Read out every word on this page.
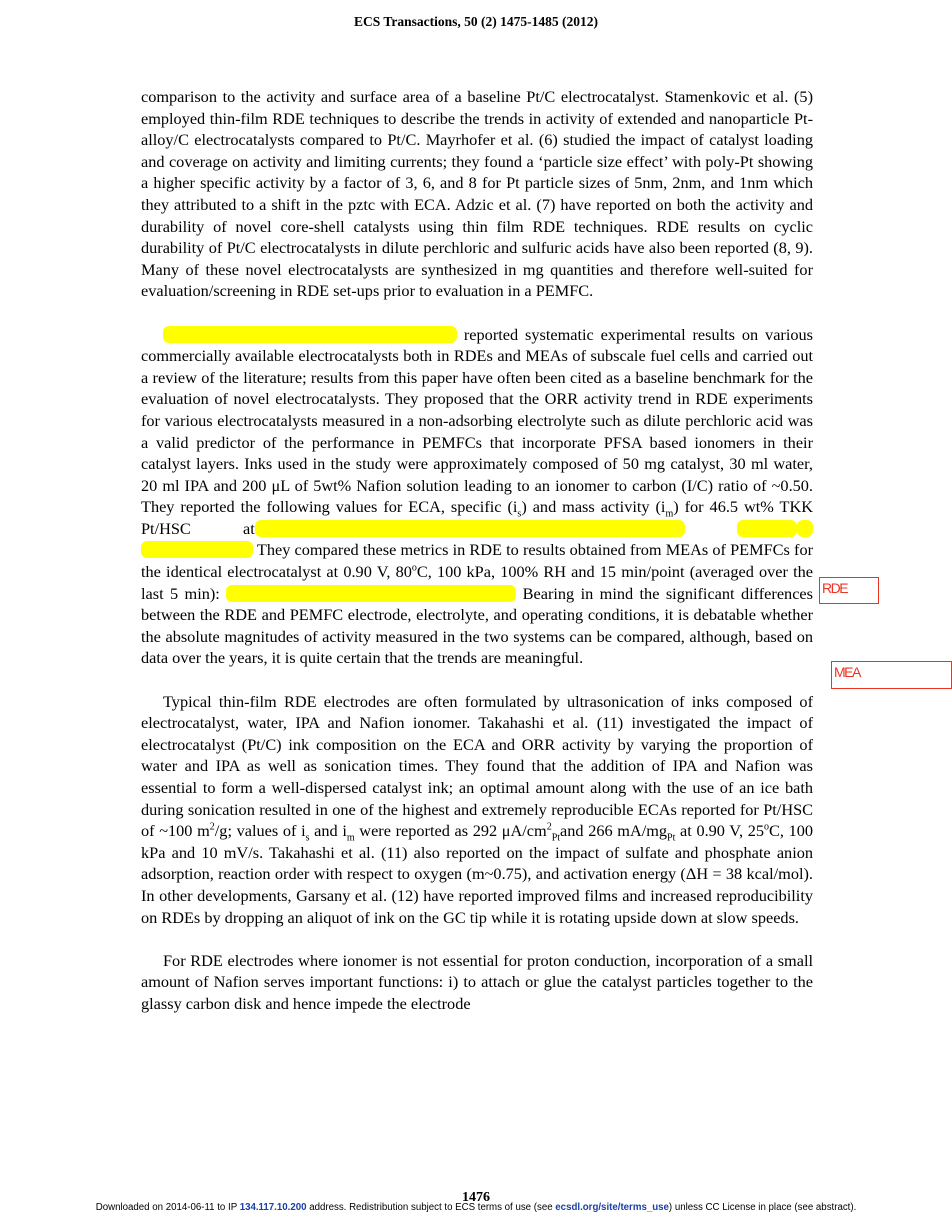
ECS Transactions, 50 (2) 1475-1485 (2012)

comparison to the activity and surface area of a baseline Pt/C electrocatalyst. Stamenkovic et al. (5) employed thin-film RDE techniques to describe the trends in activity of extended and nanoparticle Pt-alloy/C electrocatalysts compared to Pt/C. Mayrhofer et al. (6) studied the impact of catalyst loading and coverage on activity and limiting currents; they found a ‘particle size effect’ with poly-Pt showing a higher specific activity by a factor of 3, 6, and 8 for Pt particle sizes of 5nm, 2nm, and 1nm which they attributed to a shift in the pztc with ECA. Adzic et al. (7) have reported on both the activity and durability of novel core-shell catalysts using thin film RDE techniques. RDE results on cyclic durability of Pt/C electrocatalysts in dilute perchloric and sulfuric acids have also been reported (8, 9). Many of these novel electrocatalysts are synthesized in mg quantities and therefore well-suited for evaluation/screening in RDE set-ups prior to evaluation in a PEMFC.

reported systematic experimental results on various commercially available electrocatalysts both in RDEs and MEAs of subscale fuel cells and carried out a review of the literature; results from this paper have often been cited as a baseline benchmark for the evaluation of novel electrocatalysts. They proposed that the ORR activity trend in RDE experiments for various electrocatalysts measured in a non-adsorbing electrolyte such as dilute perchloric acid was a valid predictor of the performance in PEMFCs that incorporate PFSA based ionomers in their catalyst layers. Inks used in the study were approximately composed of 50 mg catalyst, 30 ml water, 20 ml IPA and 200 μL of 5wt% Nafion solution leading to an ionomer to carbon (I/C) ratio of ~0.50. They reported the following values for ECA, specific $(i_s)$ and mass activity $(i_m)$ for 46.5 wt% TKK Pt/HSC at  They compared these metrics in RDE to results obtained from MEAs of PEMFCs for the identical electrocatalyst at 0.90 V, 80$^o$C, 100 kPa, 100% RH and 15 min/point (averaged over the last 5 min):	Bearing in mind the significant differences between the RDE and PEMFC electrode, electrolyte, and operating conditions, it is debatable whether the absolute magnitudes of activity measured in the two systems can be compared, although, based on data over the years, it is quite certain that the trends are meaningful.

Typical thin-film RDE electrodes are often formulated by ultrasonication of inks composed of electrocatalyst, water, IPA and Nafion ionomer. Takahashi et al. (11) investigated the impact of electrocatalyst (Pt/C) ink composition on the ECA and ORR activity by varying the proportion of water and IPA as well as sonication times. They found that the addition of IPA and Nafion was essential to form a well-dispersed catalyst ink; an optimal amount along with the use of an ice bath during sonication resulted in one of the highest and extremely reproducible ECAs reported for Pt/HSC of ~100 $m^2/g$; values of $i_s$ and $i_m$ were reported as 292 $\mu A/cm^2_{Pt}and$ 266 $mA/mg_{Pt}$ at 0.90 V, 25$^o$C, 100 kPa and 10 mV/s. Takahashi et al. (11) also reported on the impact of sulfate and phosphate anion adsorption, reaction order with respect to oxygen (m~0.75), and activation energy (ΔH = 38 kcal/mol). In other developments, Garsany et al. (12) have reported improved films and increased reproducibility on RDEs by dropping an aliquot of ink on the GC tip while it is rotating upside down at slow speeds.

For RDE electrodes where ionomer is not essential for proton conduction, incorporation of a small amount of Nafion serves important functions: i) to attach or glue the catalyst particles together to the glassy carbon disk and hence impede the electrode

RDE
MEA
1476
Downloaded on 2014-06-11 to IP 134.117.10.200 address. Redistribution subject to ECS terms of use (see ecsdl.org/site/terms_use) unless CC License in place (see abstract).
